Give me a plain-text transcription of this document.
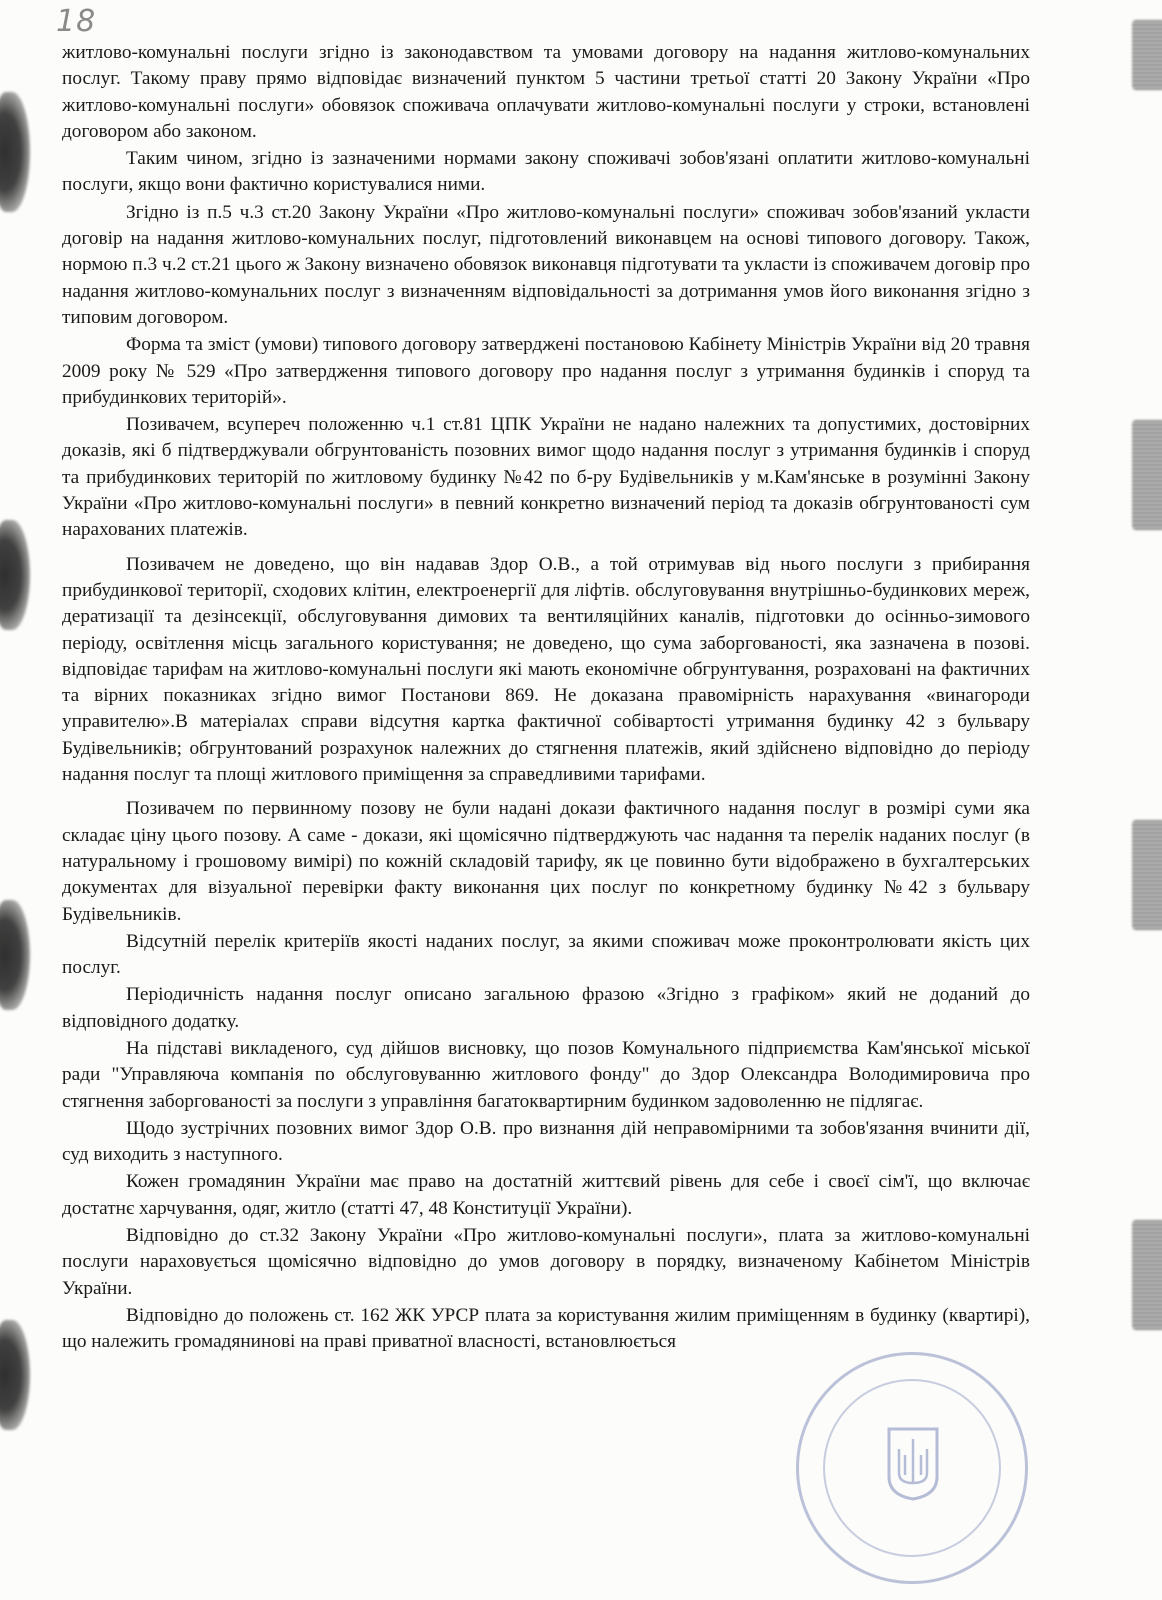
18

житлово-комунальні послуги згідно із законодавством та умовами договору на надання житлово-комунальних послуг. Такому праву прямо відповідає визначений пунктом 5 частини третьої статті 20 Закону України «Про житлово-комунальні послуги» обовязок споживача оплачувати житлово-комунальні послуги у строки, встановлені договором або законом.

Таким чином, згідно із зазначеними нормами закону споживачі зобов'язані оплатити житлово-комунальні послуги, якщо вони фактично користувалися ними.

Згідно із п.5 ч.3 ст.20 Закону України «Про житлово-комунальні послуги» споживач зобов'язаний укласти договір на надання житлово-комунальних послуг, підготовлений виконавцем на основі типового договору. Також, нормою п.3 ч.2 ст.21 цього ж Закону визначено обовязок виконавця підготувати та укласти із споживачем договір про надання житлово-комунальних послуг з визначенням відповідальності за дотримання умов його виконання згідно з типовим договором.

Форма та зміст (умови) типового договору затверджені постановою Кабінету Міністрів України від 20 травня 2009 року № 529 «Про затвердження типового договору про надання послуг з утримання будинків і споруд та прибудинкових територій».

Позивачем, всупереч положенню ч.1 ст.81 ЦПК України не надано належних та допустимих, достовірних доказів, які б підтверджували обгрунтованість позовних вимог щодо надання послуг з утримання будинків і споруд та прибудинкових територій по житловому будинку №42 по б-ру Будівельників у м.Кам'янське в розумінні Закону України «Про житлово-комунальні послуги» в певний конкретно визначений період та доказів обгрунтованості сум нарахованих платежів.

Позивачем не доведено, що він надавав Здор О.В., а той отримував від нього послуги з прибирання прибудинкової території, сходових клітин, електроенергії для ліфтів. обслуговування внутрішньо-будинкових мереж, дератизації та дезінсекції, обслуговування димових та вентиляційних каналів, підготовки до осінньо-зимового періоду, освітлення місць загального користування; не доведено, що сума заборгованості, яка зазначена в позові. відповідає тарифам на житлово-комунальні послуги які мають економічне обгрунтування, розраховані на фактичних та вірних показниках згідно вимог Постанови 869. Не доказана правомірність нарахування «винагороди управителю».В матеріалах справи відсутня картка фактичної собівартості утримання будинку 42 з бульвару Будівельників; обгрунтований розрахунок належних до стягнення платежів, який здійснено відповідно до періоду надання послуг та площі житлового приміщення за справедливими тарифами.

Позивачем по первинному позову не були надані докази фактичного надання послуг в розмірі суми яка складає ціну цього позову. А саме - докази, які щомісячно підтверджують час надання та перелік наданих послуг (в натуральному і грошовому вимірі) по кожній складовій тарифу, як це повинно бути відображено в бухгалтерських документах для візуальної перевірки факту виконання цих послуг по конкретному будинку №42 з бульвару Будівельників.

Відсутній перелік критеріїв якості наданих послуг, за якими споживач може проконтролювати якість цих послуг.

Періодичність надання послуг описано загальною фразою «Згідно з графіком» який не доданий до відповідного додатку.

На підставі викладеного, суд дійшов висновку, що позов Комунального підприємства Кам'янської міської ради "Управляюча компанія по обслуговуванню житлового фонду" до Здор Олександра Володимировича про стягнення заборгованості за послуги з управління багатоквартирним будинком задоволенню не підлягає.

Щодо зустрічних позовних вимог Здор О.В. про визнання дій неправомірними та зобов'язання вчинити дії, суд виходить з наступного.

Кожен громадянин України має право на достатній життєвий рівень для себе і своєї сім'ї, що включає достатнє харчування, одяг, житло (статті 47, 48 Конституції України).

Відповідно до ст.32 Закону України «Про житлово-комунальні послуги», плата за житлово-комунальні послуги нараховується щомісячно відповідно до умов договору в порядку, визначеному Кабінетом Міністрів України.

Відповідно до положень ст. 162 ЖК УРСР плата за користування жилим приміщенням в будинку (квартирі), що належить громадянинові на праві приватної власності, встановлюється
